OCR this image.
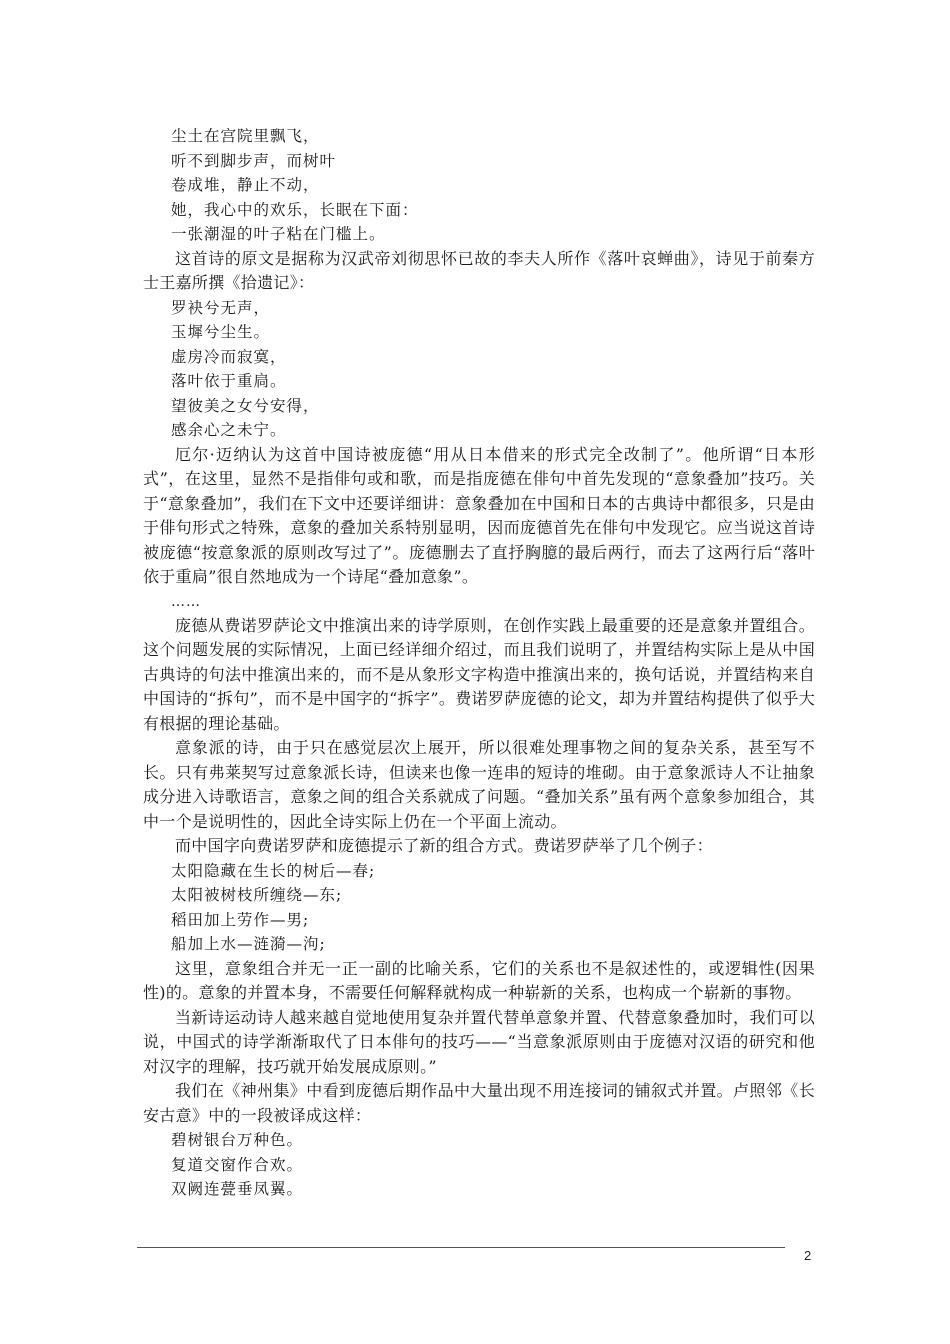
尘土在宫院里飘飞，

听不到脚步声，而树叶

卷成堆，静止不动，

她，我心中的欢乐，长眠在下面：

一张潮湿的叶子粘在门槛上。

这首诗的原文是据称为汉武帝刘彻思怀已故的李夫人所作《落叶哀蝉曲》，诗见于前秦方士王嘉所撰《拾遗记》：

罗袂兮无声，

玉墀兮尘生。

虚房冷而寂寞，

落叶依于重扃。

望彼美之女兮安得，

感余心之未宁。

厄尔·迈纳认为这首中国诗被庞德“用从日本借来的形式完全改制了”。他所谓“日本形式”，在这里，显然不是指俳句或和歌，而是指庞德在俳句中首先发现的“意象叠加”技巧。关于“意象叠加”，我们在下文中还要详细讲：意象叠加在中国和日本的古典诗中都很多，只是由于俳句形式之特殊，意象的叠加关系特别显明，因而庞德首先在俳句中发现它。应当说这首诗被庞德“按意象派的原则改写过了”。庞德删去了直抒胸臆的最后两行，而去了这两行后“落叶依于重扃”很自然地成为一个诗尾“叠加意象”。

……

庞德从费诺罗萨论文中推演出来的诗学原则，在创作实践上最重要的还是意象并置组合。这个问题发展的实际情况，上面已经详细介绍过，而且我们说明了，并置结构实际上是从中国古典诗的句法中推演出来的，而不是从象形文字构造中推演出来的，换句话说，并置结构来自中国诗的“拆句”，而不是中国字的“拆字”。费诺罗萨庞德的论文，却为并置结构提供了似乎大有根据的理论基础。

意象派的诗，由于只在感觉层次上展开，所以很难处理事物之间的复杂关系，甚至写不长。只有弗莱契写过意象派长诗，但读来也像一连串的短诗的堆砌。由于意象派诗人不让抽象成分进入诗歌语言，意象之间的组合关系就成了问题。“叠加关系”虽有两个意象参加组合，其中一个是说明性的，因此全诗实际上仍在一个平面上流动。

而中国字向费诺罗萨和庞德提示了新的组合方式。费诺罗萨举了几个例子：

太阳隐藏在生长的树后—春;

太阳被树枝所缠绕—东;

稻田加上劳作—男;

船加上水—涟漪—泃;

这里，意象组合并无一正一副的比喻关系，它们的关系也不是叙述性的，或逻辑性(因果性)的。意象的并置本身，不需要任何解释就构成一种崭新的关系，也构成一个崭新的事物。

当新诗运动诗人越来越自觉地使用复杂并置代替单意象并置、代替意象叠加时，我们可以说，中国式的诗学渐渐取代了日本俳句的技巧——“当意象派原则由于庞德对汉语的研究和他对汉字的理解，技巧就开始发展成原则。”

我们在《神州集》中看到庞德后期作品中大量出现不用连接词的铺叙式并置。卢照邻《长安古意》中的一段被译成这样：

碧树银台万种色。

复道交窗作合欢。

双阙连甍垂凤翼。

2
